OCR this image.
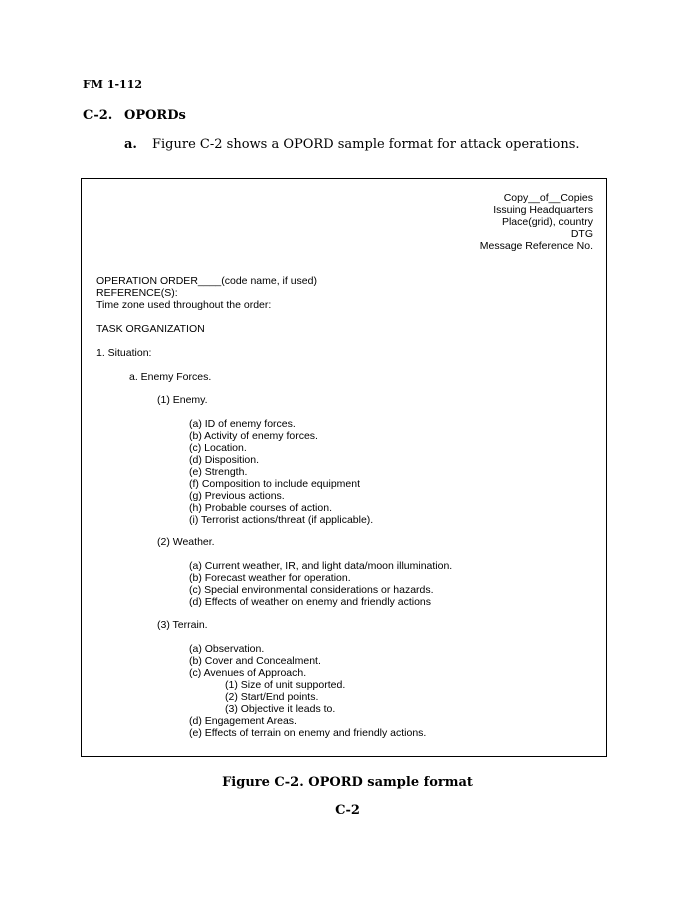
FM 1-112
C-2. OPORDs
a. Figure C-2 shows a OPORD sample format for attack operations.
Copy__of__Copies
Issuing Headquarters
Place(grid), country
DTG
Message Reference No.
OPERATION ORDER____(code name, if used)
REFERENCE(S):
Time zone used throughout the order:
TASK ORGANIZATION
1. Situation:
a. Enemy Forces.
(1) Enemy.
(a) ID of enemy forces.
(b) Activity of enemy forces.
(c) Location.
(d) Disposition.
(e) Strength.
(f) Composition to include equipment
(g) Previous actions.
(h) Probable courses of action.
(i) Terrorist actions/threat (if applicable).
(2) Weather.
(a) Current weather, IR, and light data/moon illumination.
(b) Forecast weather for operation.
(c) Special environmental considerations or hazards.
(d) Effects of weather on enemy and friendly actions
(3) Terrain.
(a) Observation.
(b) Cover and Concealment.
(c) Avenues of Approach.
(1) Size of unit supported.
(2) Start/End points.
(3) Objective it leads to.
(d) Engagement Areas.
(e) Effects of terrain on enemy and friendly actions.
Figure C-2. OPORD sample format
C-2
